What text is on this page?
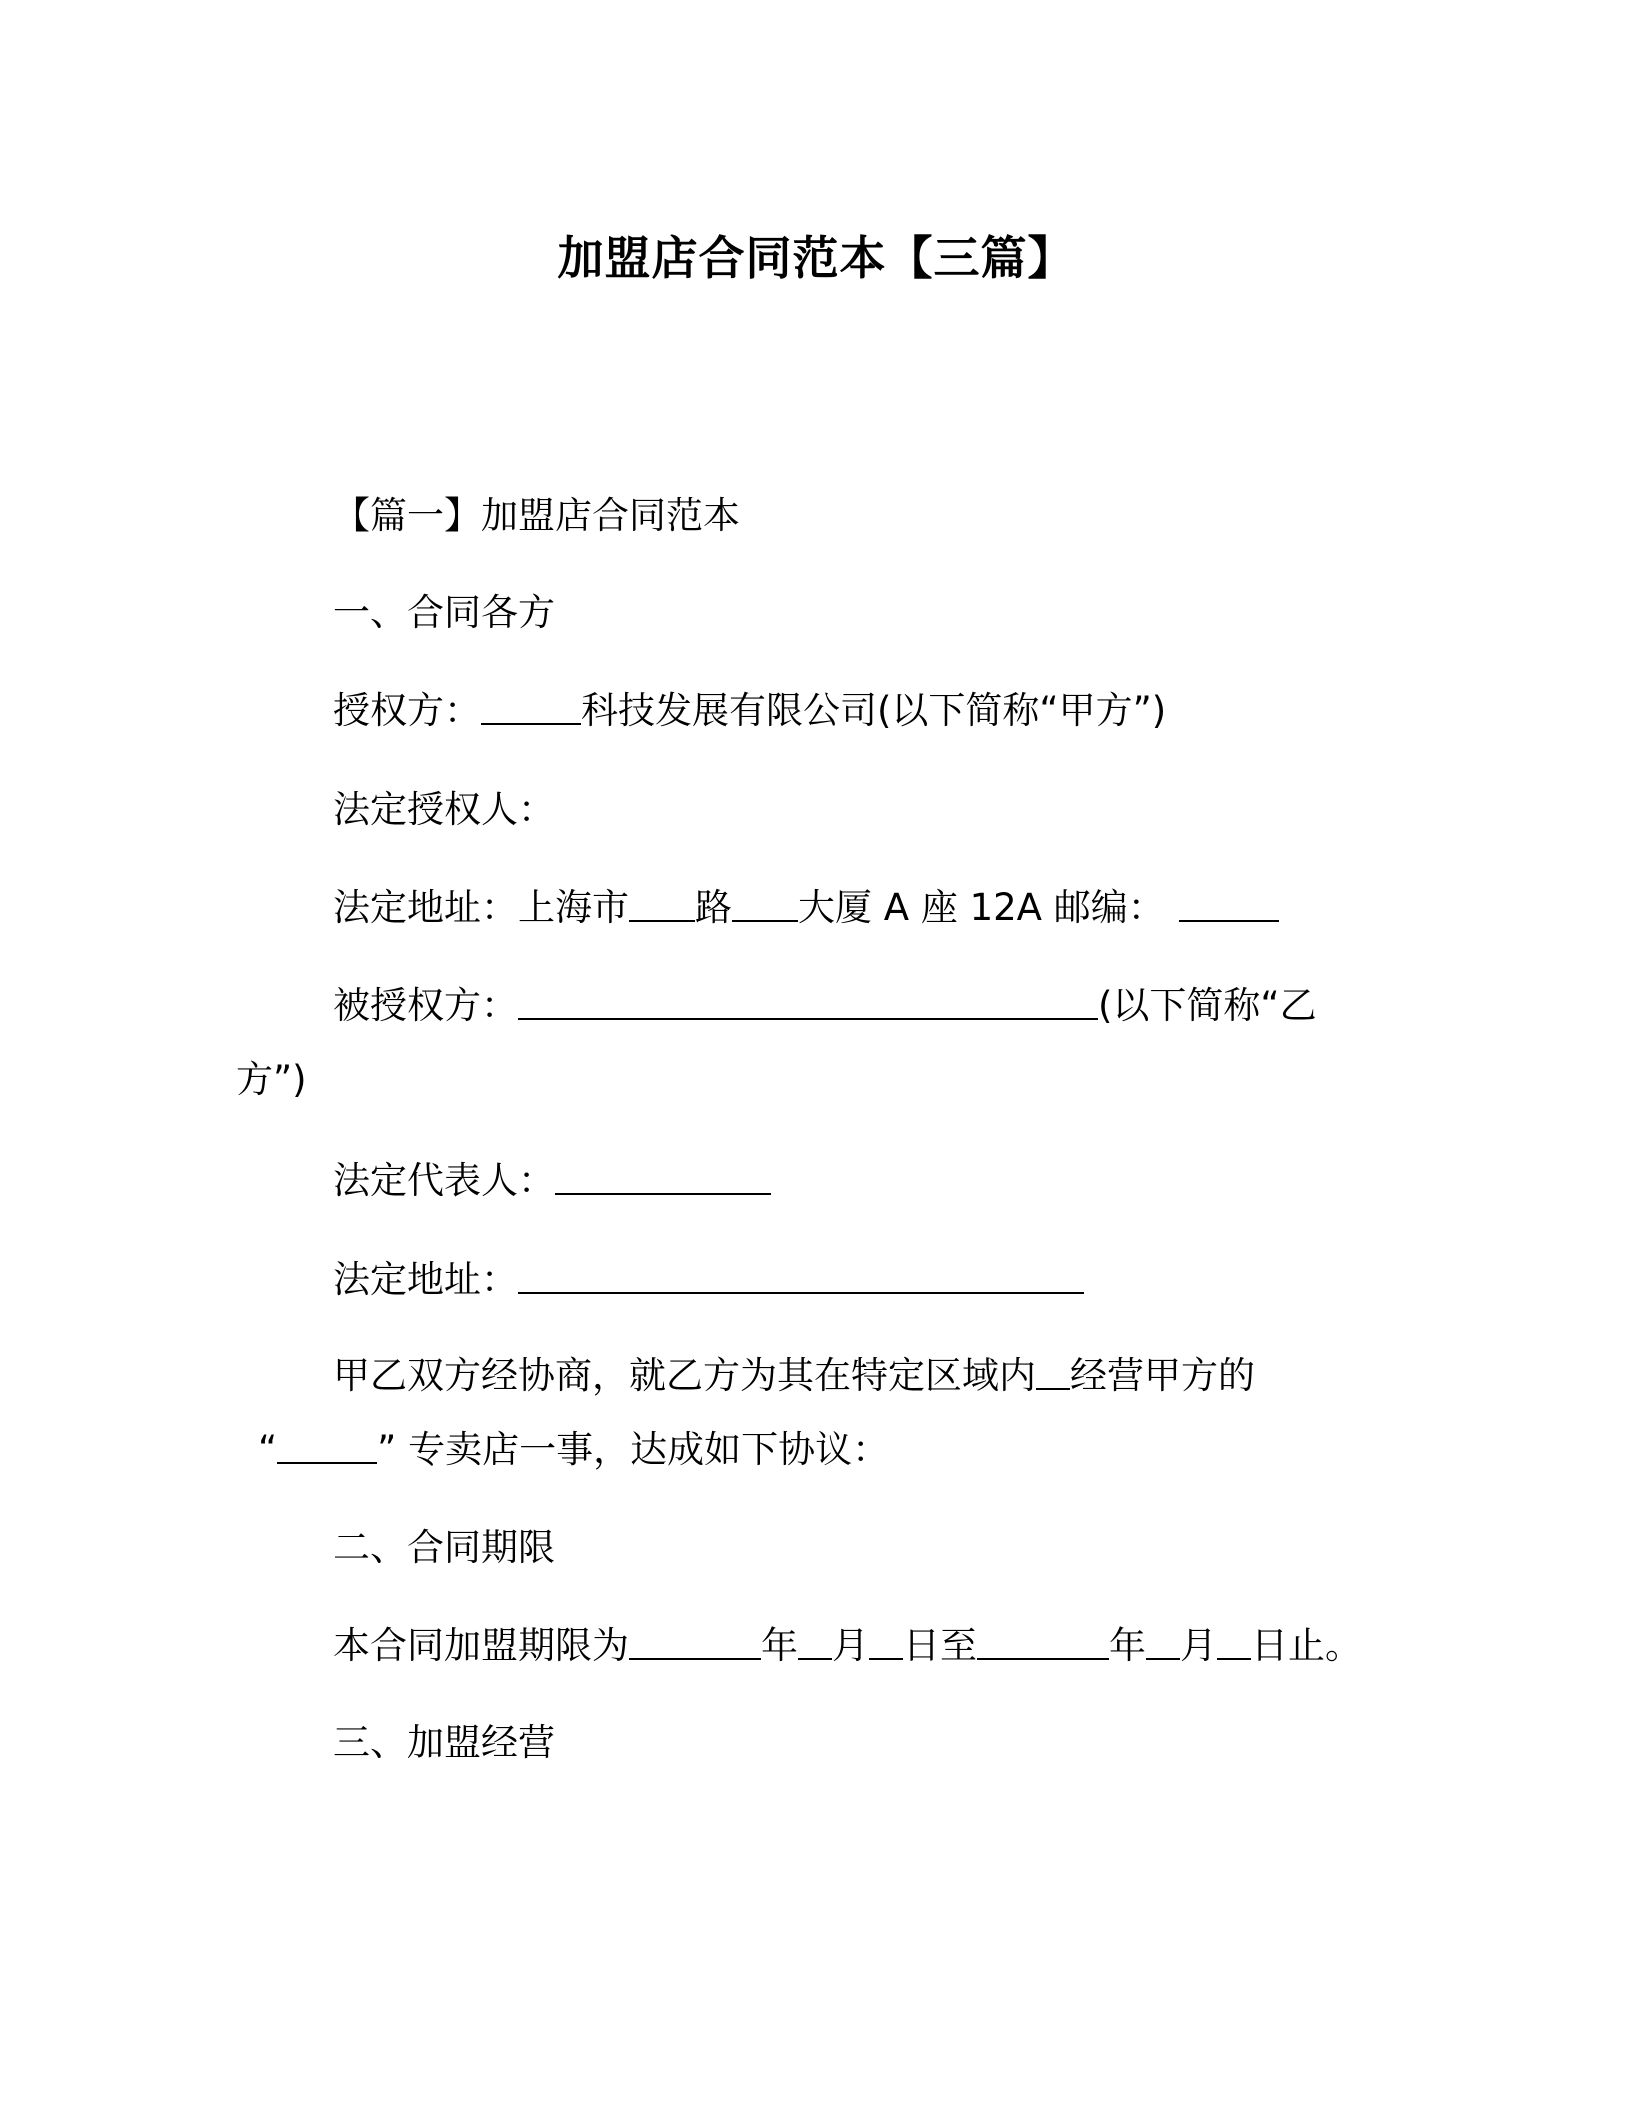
加盟店合同范本【三篇】
【篇一】加盟店合同范本
一、合同各方
授权方：	科技发展有限公司(以下简称“甲方”)
法定授权人：
法定地址：上海市 路 大厦 A 座 12A 邮编：
被授权方：	(以下简称“乙
方”)
法定代表人：
法定地址：
甲乙双方经协商，就乙方为其在特定区域内 经营甲方的
“	” 专卖店一事，达成如下协议：
二、合同期限
本合同加盟期限为	年 月 日至	年 月 日止。
三、加盟经营
